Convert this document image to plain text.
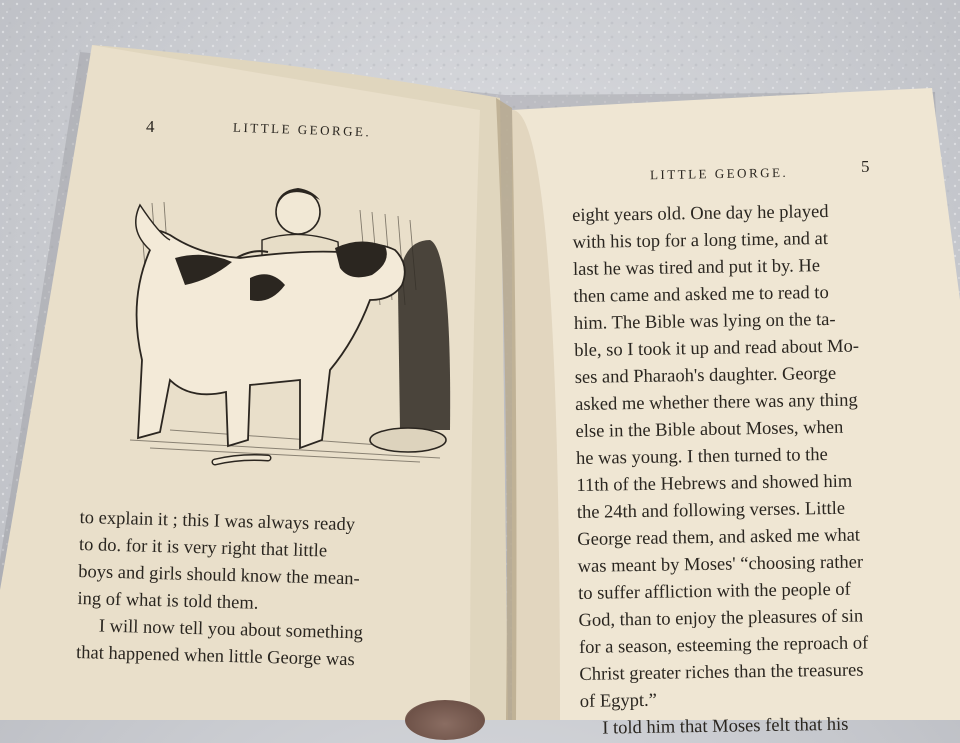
4	LITTLE GEORGE.
LITTLE GEORGE.	5
to explain it ; this I was always ready
to do. for it is very right that little
boys and girls should know the mean-
ing of what is told them.
I will now tell you about something
that happened when little George was
eight years old. One day he played
with his top for a long time, and at
last he was tired and put it by. He
then came and asked me to read to
him. The Bible was lying on the ta-
ble, so I took it up and read about Mo-
ses and Pharaoh's daughter. George
asked me whether there was any thing
else in the Bible about Moses, when
he was young. I then turned to the
11th of the Hebrews and showed him
the 24th and following verses. Little
George read them, and asked me what
was meant by Moses' “choosing rather
to suffer affliction with the people of
God, than to enjoy the pleasures of sin
for a season, esteeming the reproach of
Christ greater riches than the treasures
of Egypt.”
I told him that Moses felt that his
